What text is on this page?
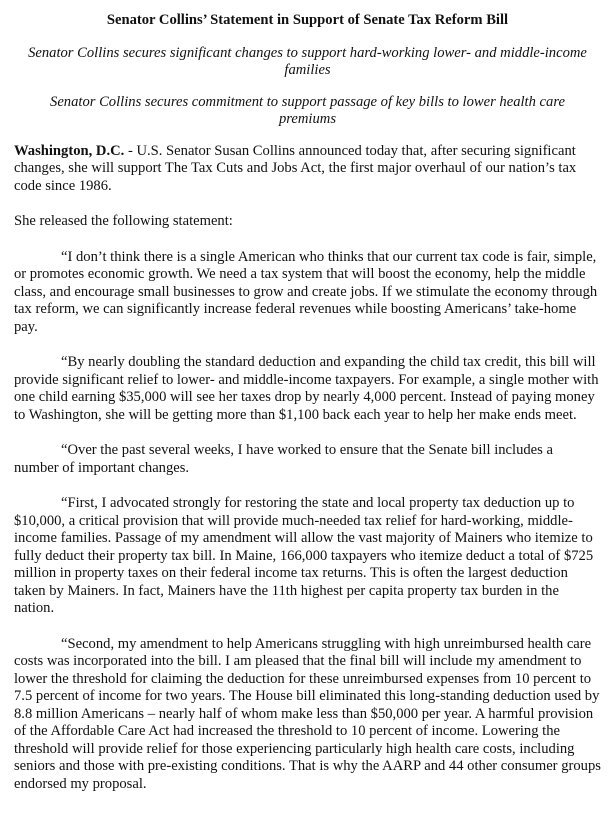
Senator Collins’ Statement in Support of Senate Tax Reform Bill
Senator Collins secures significant changes to support hard-working lower- and middle-income families
Senator Collins secures commitment to support passage of key bills to lower health care premiums

Washington, D.C. - U.S. Senator Susan Collins announced today that, after securing significant changes, she will support The Tax Cuts and Jobs Act, the first major overhaul of our nation’s tax code since 1986.

She released the following statement:

“I don’t think there is a single American who thinks that our current tax code is fair, simple, or promotes economic growth. We need a tax system that will boost the economy, help the middle class, and encourage small businesses to grow and create jobs. If we stimulate the economy through tax reform, we can significantly increase federal revenues while boosting Americans’ take-home pay.

“By nearly doubling the standard deduction and expanding the child tax credit, this bill will provide significant relief to lower- and middle-income taxpayers. For example, a single mother with one child earning $35,000 will see her taxes drop by nearly 4,000 percent. Instead of paying money to Washington, she will be getting more than $1,100 back each year to help her make ends meet.

“Over the past several weeks, I have worked to ensure that the Senate bill includes a number of important changes.

“First, I advocated strongly for restoring the state and local property tax deduction up to $10,000, a critical provision that will provide much-needed tax relief for hard-working, middle-income families. Passage of my amendment will allow the vast majority of Mainers who itemize to fully deduct their property tax bill. In Maine, 166,000 taxpayers who itemize deduct a total of $725 million in property taxes on their federal income tax returns. This is often the largest deduction taken by Mainers. In fact, Mainers have the 11th highest per capita property tax burden in the nation.

“Second, my amendment to help Americans struggling with high unreimbursed health care costs was incorporated into the bill. I am pleased that the final bill will include my amendment to lower the threshold for claiming the deduction for these unreimbursed expenses from 10 percent to 7.5 percent of income for two years. The House bill eliminated this long-standing deduction used by 8.8 million Americans – nearly half of whom make less than $50,000 per year. A harmful provision of the Affordable Care Act had increased the threshold to 10 percent of income. Lowering the threshold will provide relief for those experiencing particularly high health care costs, including seniors and those with pre-existing conditions. That is why the AARP and 44 other consumer groups endorsed my proposal.
